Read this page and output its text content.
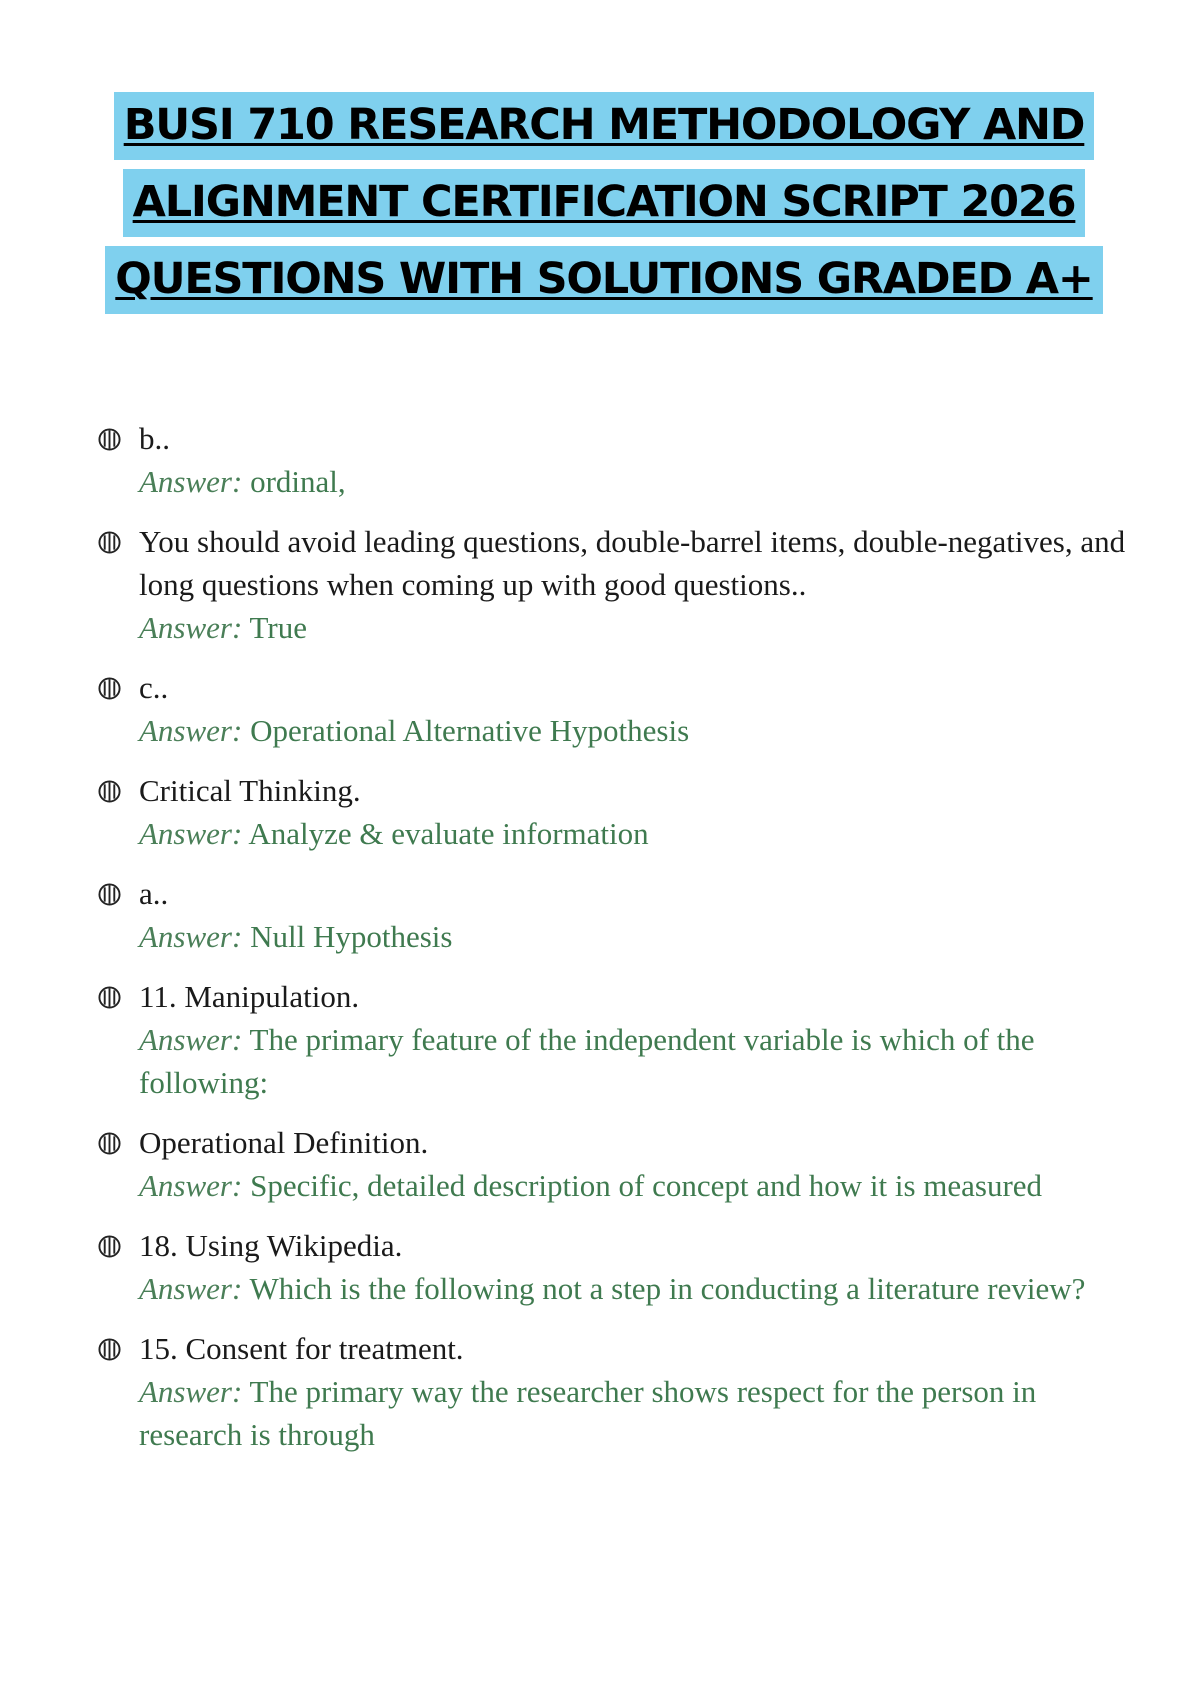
BUSI 710 RESEARCH METHODOLOGY AND
ALIGNMENT CERTIFICATION SCRIPT 2026
QUESTIONS WITH SOLUTIONS GRADED A+
b..
Answer: ordinal,
You should avoid leading questions, double-barrel items, double-negatives, and long questions when coming up with good questions..
Answer: True
c..
Answer: Operational Alternative Hypothesis
Critical Thinking.
Answer: Analyze & evaluate information
a..
Answer: Null Hypothesis
11. Manipulation.
Answer: The primary feature of the independent variable is which of the following:
Operational Definition.
Answer: Specific, detailed description of concept and how it is measured
18. Using Wikipedia.
Answer: Which is the following not a step in conducting a literature review?
15. Consent for treatment.
Answer: The primary way the researcher shows respect for the person in research is through
